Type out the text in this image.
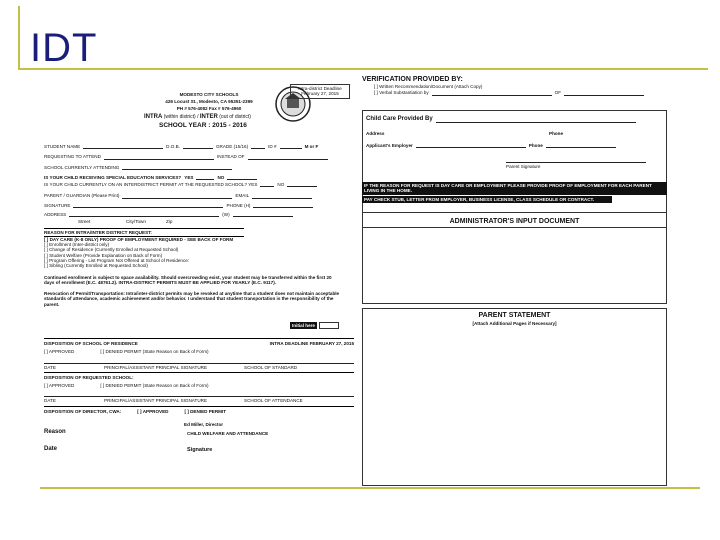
IDT
MODESTO CITY SCHOOLS
426 Locust St., Modesto, CA 95351-2399
PH # 576-4082 Fax # 576-4960
Intra-district Deadline February 27, 2015
INTRA (within district) / INTER (out of district)
SCHOOL YEAR : 2015 - 2016
STUDENT NAME	D.O.B.	GRADE (15/16)	ID #	M or F
REQUESTING TO ATTEND	INSTEAD OF
SCHOOL CURRENTLY ATTENDING
IS YOUR CHILD RECEIVING SPECIAL EDUCATION SERVICES? YES	NO
IS YOUR CHILD CURRENTLY ON AN INTERDISTRICT PERMIT AT THE REQUESTED SCHOOL? YES	NO
PARENT / GUARDIAN (Please Print)	EMAIL
SIGNATURE	PHONE (H)
ADDRESS	(W)
Street	City/Town	Zip
REASON FOR INTRA/INTER DISTRICT REQUEST:
[ ] DAY CARE (K-8 ONLY) PROOF OF EMPLOYMENT REQUIRED - SEE BACK OF FORM
[ ] Enrollment (Inter-district only)
[ ] Change of Residence (Currently Enrolled at Requested School)
[ ] Student Welfare (Provide Explanation on Back of Form)
[ ] Program Offering - List Program Not Offered at School of Residence:
[ ] Sibling (Currently Enrolled at Requested School)
Continued enrollment is subject to space availability. Should overcrowding exist, your student may be transferred within the first 20 days of enrollment (E.C. 48761.2). INTRA-DISTRICT PERMITS MUST BE APPLIED FOR YEARLY (E.C. 9117).
Revocation of Permit/Transportation: Intra/inter-district permits may be revoked at anytime that a student does not maintain acceptable standards of attendance, academic achievement and/or behavior. I understand that student transportation is the responsibility of the parent.
Initial here
DISPOSITION OF SCHOOL OF RESIDENCE	INTRA DEADLINE FEBRUARY 27, 2015
[ ] APPROVED	[ ] DENIED PERMIT (State Reason on Back of Form)
DATE	PRINCIPAL/ASSISTANT PRINCIPAL SIGNATURE	SCHOOL OF STANDARD
DISPOSITION OF REQUESTED SCHOOL:
[ ] APPROVED	[ ] DENIED PERMIT (State Reason on Back of Form)
DATE	PRINCIPAL/ASSISTANT PRINCIPAL SIGNATURE	SCHOOL OF ATTENDANCE
DISPOSITION OF DIRECTOR, CWA:	[ ] APPROVED	[ ] DENIED PERMIT
Ed Miller, Director
Reason	CHILD WELFARE AND ATTENDANCE
Date	Signature
VERIFICATION PROVIDED BY:
[ ] Written Recommendation/Document (Attach Copy)
[ ] Verbal Substantiation by	OF
Child Care Provided By
Address	Phone
Applicant's Employer	Phone
Parent Signature
IF THE REASON FOR REQUEST IS DAY CARE OR EMPLOYMENT PLEASE PROVIDE PROOF OF EMPLOYMENT FOR EACH PARENT LIVING IN THE HOME.
PAY CHECK STUB, LETTER FROM EMPLOYER, BUSINESS LICENSE, CLASS SCHEDULE OR CONTRACT.
ADMINISTRATOR'S INPUT DOCUMENT
PARENT STATEMENT
[Attach Additional Pages if Necessary]
